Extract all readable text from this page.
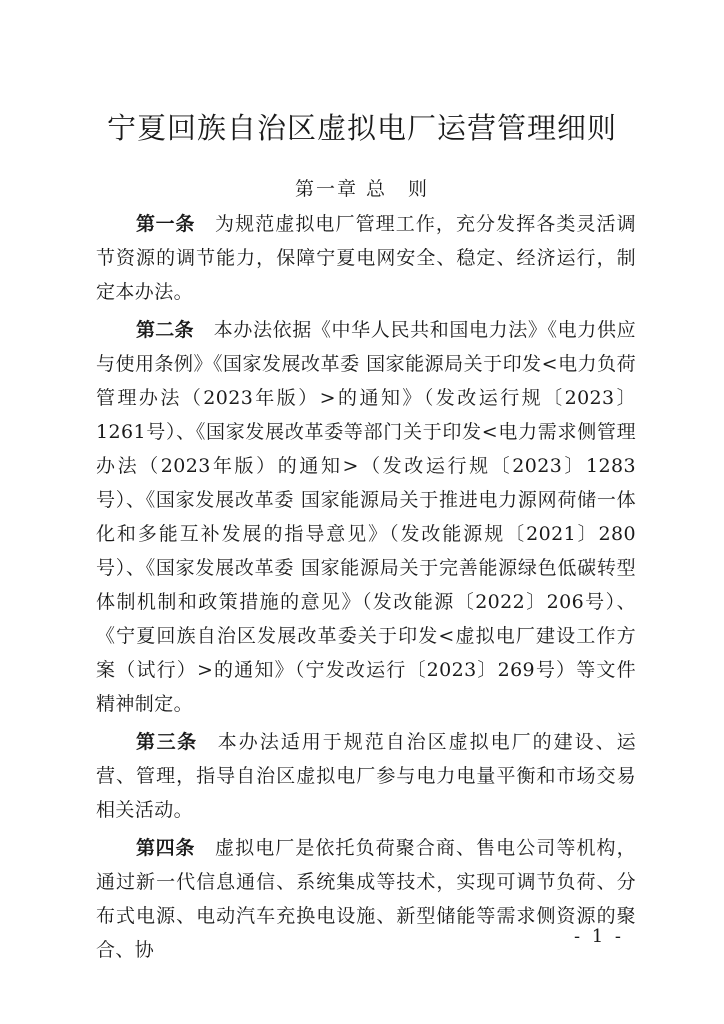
宁夏回族自治区虚拟电厂运营管理细则
第一章 总　则

第一条 为规范虚拟电厂管理工作，充分发挥各类灵活调节资源的调节能力，保障宁夏电网安全、稳定、经济运行，制定本办法。

第二条 本办法依据《中华人民共和国电力法》《电力供应与使用条例》《国家发展改革委 国家能源局关于印发<电力负荷管理办法（2023年版）>的通知》（发改运行规〔2023〕1261号）、《国家发展改革委等部门关于印发<电力需求侧管理办法（2023年版）的通知>（发改运行规〔2023〕1283号）、《国家发展改革委 国家能源局关于推进电力源网荷储一体化和多能互补发展的指导意见》（发改能源规〔2021〕280号）、《国家发展改革委 国家能源局关于完善能源绿色低碳转型体制机制和政策措施的意见》（发改能源〔2022〕206号）、《宁夏回族自治区发展改革委关于印发<虚拟电厂建设工作方案（试行）>的通知》（宁发改运行〔2023〕269号）等文件精神制定。

第三条 本办法适用于规范自治区虚拟电厂的建设、运营、管理，指导自治区虚拟电厂参与电力电量平衡和市场交易相关活动。

第四条 虚拟电厂是依托负荷聚合商、售电公司等机构，通过新一代信息通信、系统集成等技术，实现可调节负荷、分布式电源、电动汽车充换电设施、新型储能等需求侧资源的聚合、协

- 1 -
